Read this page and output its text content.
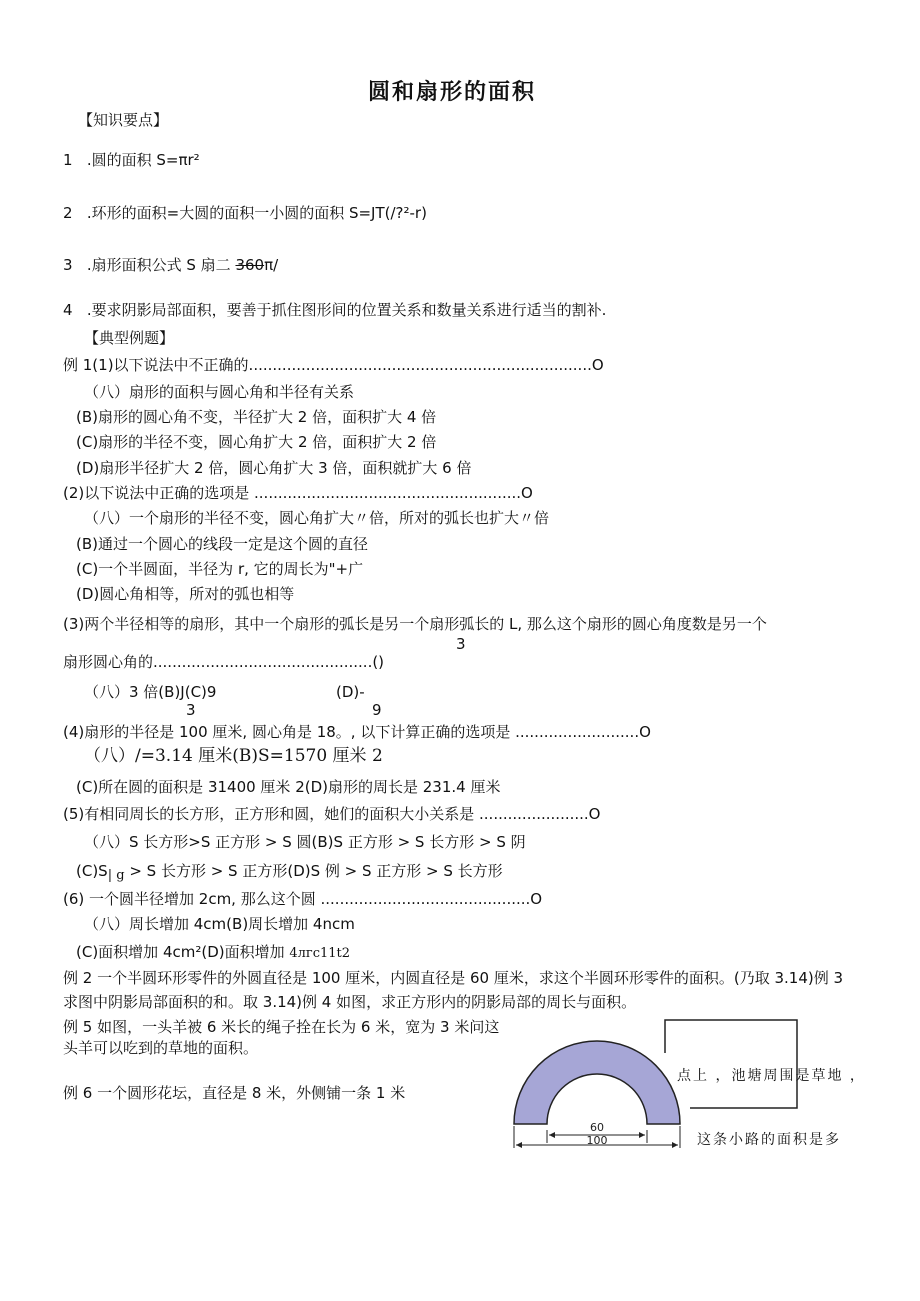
圆和扇形的面积
【知识要点】
1 .圆的面积 S=πr²
2 .环形的面积=大圆的面积一小圆的面积 S=JT(/?²-r)
3 .扇形面积公式 S 扇二 360π/
4 .要求阴影局部面积，要善于抓住图形间的位置关系和数量关系进行适当的割补.
【典型例题】
例 1(1)以下说法中不正确的........................................................................O
（八）扇形的面积与圆心角和半径有关系
(B)扇形的圆心角不变，半径扩大 2 倍，面积扩大 4 倍
(C)扇形的半径不变，圆心角扩大 2 倍，面积扩大 2 倍
(D)扇形半径扩大 2 倍，圆心角扩大 3 倍，面积就扩大 6 倍
(2)以下说法中正确的选项是 ........................................................O
（八）一个扇形的半径不变，圆心角扩大〃倍，所对的弧长也扩大〃倍
(B)通过一个圆心的线段一定是这个圆的直径
(C)一个半圆面，半径为 r, 它的周长为"+广
(D)圆心角相等，所对的弧也相等
(3)两个半径相等的扇形，其中一个扇形的弧长是另一个扇形弧长的 L, 那么这个扇形的圆心角度数是另一个
3
扇形圆心角的..............................................()
（八）3 倍(B)J(C)9	(D)-
3	9
(4)扇形的半径是 100 厘米, 圆心角是 18。, 以下计算正确的选项是 ..........................O
（八）/=3.14 厘米(B)S=1570 厘米 2
(C)所在圆的面积是 31400 厘米 2(D)扇形的周长是 231.4 厘米
(5)有相同周长的长方形，正方形和圆，她们的面积大小关系是 .......................O
（八）S 长方形>S 正方形 > S 圆(B)S 正方形 > S 长方形 > S 阴
(C)S| g > S 长方形 > S 正方形(D)S 例 > S 正方形 > S 长方形
(6) 一个圆半径增加 2cm, 那么这个圆 ............................................O
（八）周长增加 4cm(B)周长增加 4ncm
(C)面积增加 4cm²(D)面积增加 4лгс11t2
例 2 一个半圆环形零件的外圆直径是 100 厘米，内圆直径是 60 厘米，求这个半圆环形零件的面积。(乃取 3.14)例 3
求图中阴影局部面积的和。取 3.14)例 4 如图，求正方形内的阴影局部的周长与面积。
例 5 如图，一头羊被 6 米长的绳子拴在长为 6 米，宽为 3 米问这
头羊可以吃到的草地的面积。
例 6 一个圆形花坛，直径是 8 米，外侧铺一条 1 米
60
100
点上 ，池塘周围是草地 ，
这条小路的面积是多
